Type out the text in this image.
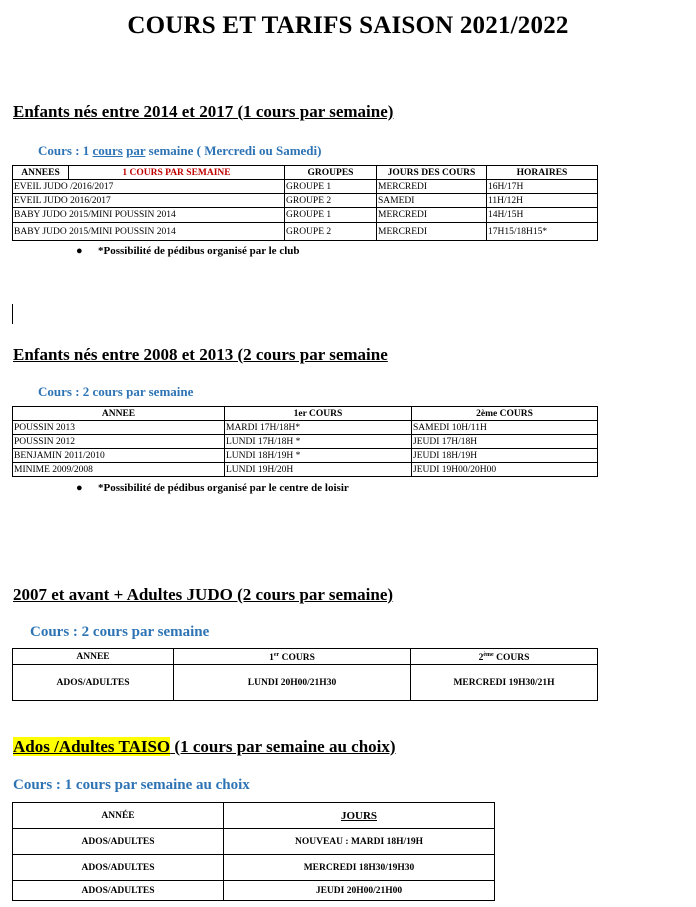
COURS ET TARIFS SAISON 2021/2022
Enfants nés entre 2014 et 2017 (1 cours par semaine)
Cours : 1 cours par semaine ( Mercredi ou Samedi)
ANNEES	1 COURS PAR SEMAINE	GROUPES	JOURS DES COURS	HORAIRES
EVEIL JUDO /2016/2017		GROUPE 1	MERCREDI	16H/17H
EVEIL JUDO 2016/2017		GROUPE 2	SAMEDI	11H/12H
BABY JUDO 2015/MINI POUSSIN 2014		GROUPE 1	MERCREDI	14H/15H
BABY JUDO 2015/MINI POUSSIN 2014		GROUPE 2	MERCREDI	17H15/18H15*
● *Possibilité de pédibus organisé par le club
Enfants nés entre 2008 et 2013 (2 cours par semaine
Cours : 2 cours par semaine
ANNEE	1er COURS	2ème COURS
POUSSIN 2013	MARDI 17H/18H*	SAMEDI 10H/11H
POUSSIN 2012	LUNDI 17H/18H *	JEUDI 17H/18H
BENJAMIN 2011/2010	LUNDI 18H/19H *	JEUDI 18H/19H
MINIME 2009/2008	LUNDI 19H/20H	JEUDI 19H00/20H00
● *Possibilité de pédibus organisé par le centre de loisir
2007 et avant + Adultes JUDO (2 cours par semaine)
Cours : 2 cours par semaine
ANNEE	1er COURS	2ème COURS
ADOS/ADULTES	LUNDI 20H00/21H30	MERCREDI 19H30/21H
Ados /Adultes TAISO (1 cours par semaine au choix)
Cours : 1 cours par semaine au choix
ANNÉE	JOURS
ADOS/ADULTES	NOUVEAU : MARDI 18H/19H
ADOS/ADULTES	MERCREDI 18H30/19H30
ADOS/ADULTES	JEUDI 20H00/21H00
